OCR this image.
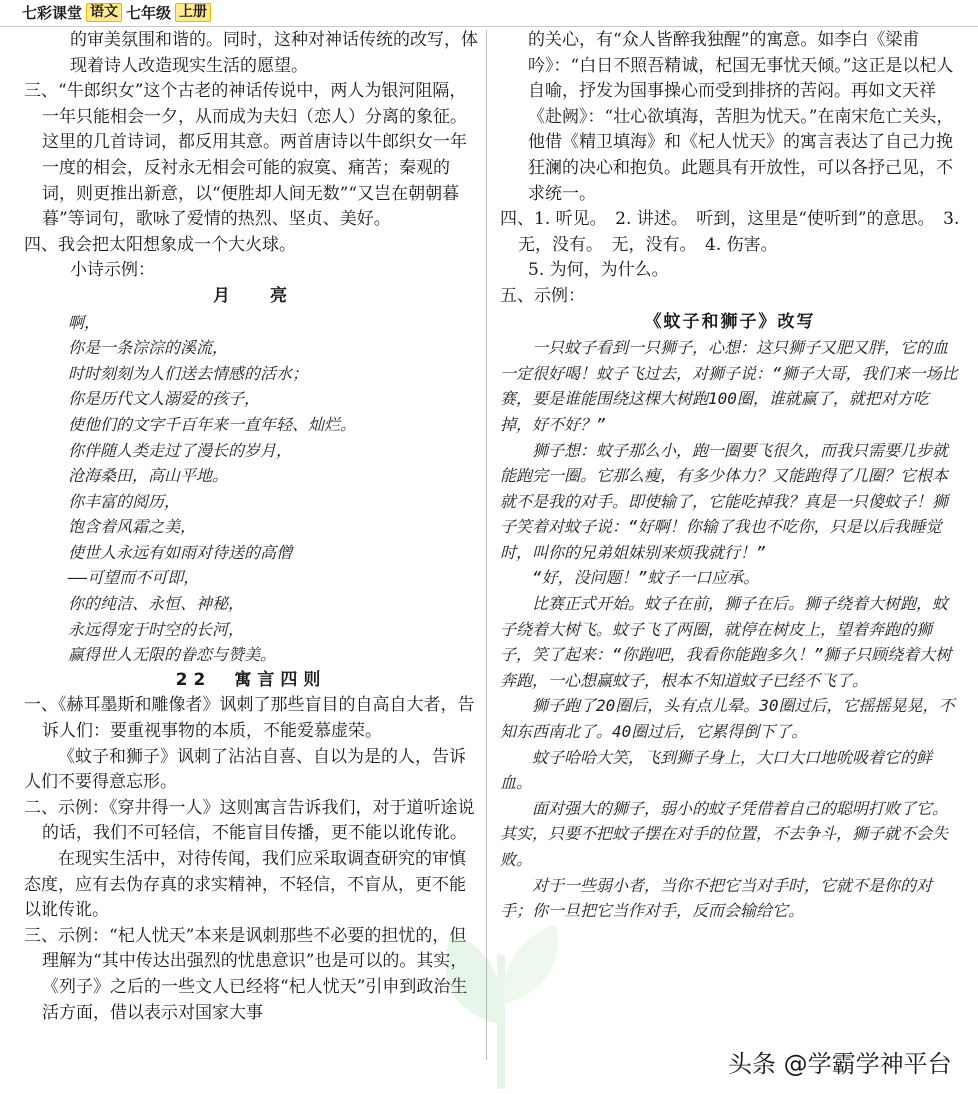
七彩课堂 语文 七年级 上册

的审美氛围和谐的。同时，这种对神话传统的改写，体现着诗人改造现实生活的愿望。

三、“牛郎织女”这个古老的神话传说中，两人为银河阻隔，一年只能相会一夕，从而成为夫妇（恋人）分离的象征。这里的几首诗词，都反用其意。两首唐诗以牛郎织女一年一度的相会，反衬永无相会可能的寂寞、痛苦；秦观的词，则更推出新意，以“便胜却人间无数”“又岂在朝朝暮暮”等词句，歌咏了爱情的热烈、坚贞、美好。

四、我会把太阳想象成一个大火球。

小诗示例：

月　　亮

啊，

你是一条淙淙的溪流，

时时刻刻为人们送去情感的活水；

你是历代文人溺爱的孩子，

使他们的文字千百年来一直年轻、灿烂。

你伴随人类走过了漫长的岁月，

沧海桑田，高山平地。

你丰富的阅历，

饱含着风霜之美，

使世人永远有如雨对待送的高僧

——可望而不可即，

你的纯洁、永恒、神秘，

永远得宠于时空的长河，

赢得世人无限的眷恋与赞美。

22　寓言四则

一、《赫耳墨斯和雕像者》讽刺了那些盲目的自高自大者，告诉人们：要重视事物的本质，不能爱慕虚荣。

《蚊子和狮子》讽刺了沾沾自喜、自以为是的人，告诉人们不要得意忘形。

二、示例：《穿井得一人》这则寓言告诉我们，对于道听途说的话，我们不可轻信，不能盲目传播，更不能以讹传讹。

在现实生活中，对待传闻，我们应采取调查研究的审慎态度，应有去伪存真的求实精神，不轻信，不盲从，更不能以讹传讹。

三、示例：“杞人忧天”本来是讽刺那些不必要的担忧的，但理解为“其中传达出强烈的忧患意识”也是可以的。其实，《列子》之后的一些文人已经将“杞人忧天”引申到政治生活方面，借以表示对国家大事

的关心，有“众人皆醉我独醒”的寓意。如李白《梁甫吟》：“白日不照吾精诚，杞国无事忧天倾。”这正是以杞人自喻，抒发为国事操心而受到排挤的苦闷。再如文天祥《赴阙》：“壮心欲填海，苦胆为忧天。”在南宋危亡关头，他借《精卫填海》和《杞人忧天》的寓言表达了自己力挽狂澜的决心和抱负。此题具有开放性，可以各抒己见，不求统一。

四、1. 听见。　2. 讲述。　听到，这里是“使听到”的意思。　3. 无，没有。　无，没有。　4. 伤害。

5. 为何，为什么。

五、示例：

《蚊子和狮子》改写

一只蚊子看到一只狮子，心想：这只狮子又肥又胖，它的血一定很好喝！蚊子飞过去，对狮子说：“狮子大哥，我们来一场比赛，要是谁能围绕这棵大树跑100圈，谁就赢了，就把对方吃掉，好不好？”

狮子想：蚊子那么小，跑一圈要飞很久，而我只需要几步就能跑完一圈。它那么瘦，有多少体力？又能跑得了几圈？它根本就不是我的对手。即使输了，它能吃掉我？真是一只傻蚊子！狮子笑着对蚊子说：“好啊！你输了我也不吃你，只是以后我睡觉时，叫你的兄弟姐妹别来烦我就行！”

“好，没问题！”蚊子一口应承。

比赛正式开始。蚊子在前，狮子在后。狮子绕着大树跑，蚊子绕着大树飞。蚊子飞了两圈，就停在树皮上，望着奔跑的狮子，笑了起来：“你跑吧，我看你能跑多久！”狮子只顾绕着大树奔跑，一心想赢蚊子，根本不知道蚊子已经不飞了。

狮子跑了20圈后，头有点儿晕。30圈过后，它摇摇晃晃，不知东西南北了。40圈过后，它累得倒下了。

蚊子哈哈大笑，飞到狮子身上，大口大口地吮吸着它的鲜血。

面对强大的狮子，弱小的蚊子凭借着自己的聪明打败了它。其实，只要不把蚊子摆在对手的位置，不去争斗，狮子就不会失败。

对于一些弱小者，当你不把它当对手时，它就不是你的对手；你一旦把它当作对手，反而会输给它。

头条 @学霸学神平台
